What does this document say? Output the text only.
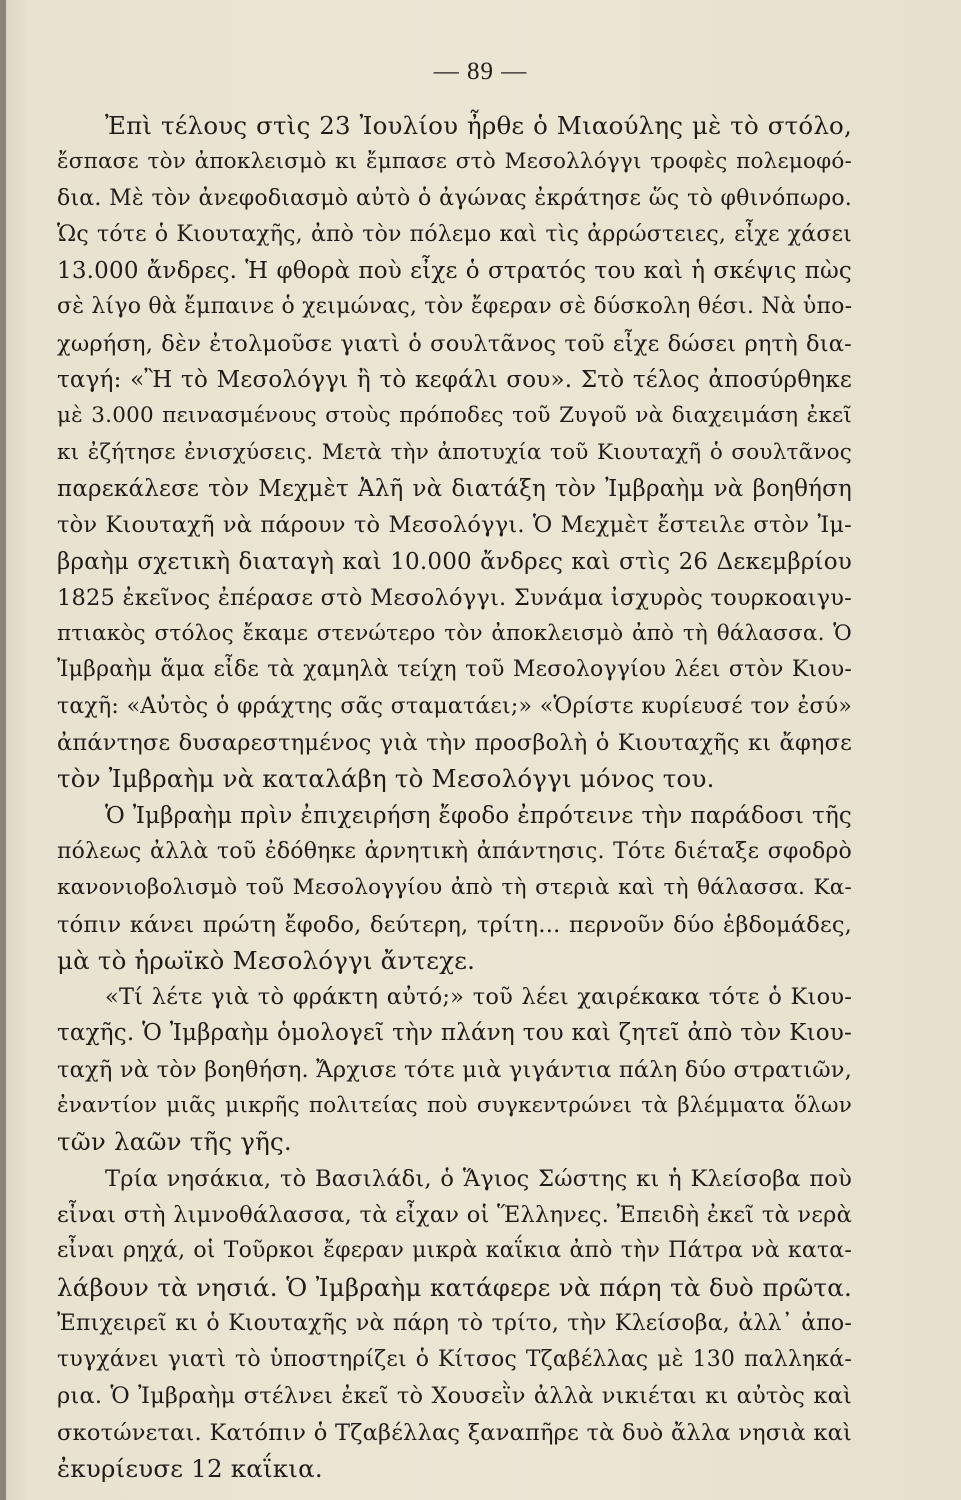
— 89 —
Ἐπὶ τέλους στὶς 23 Ἰουλίου ἦρθε ὁ Μιαούλης μὲ τὸ στόλο,
ἔσπασε τὸν ἀποκλεισμὸ κι ἔμπασε στὸ Μεσολλόγγι τροφὲς πολεμοφό-
δια. Μὲ τὸν ἀνεφοδιασμὸ αὐτὸ ὁ ἀγώνας ἐκράτησε ὥς τὸ φθινόπωρο.
Ὡς τότε ὁ Κιουταχῆς, ἀπὸ τὸν πόλεμο καὶ τὶς ἀρρώστειες, εἶχε χάσει
13.000 ἄνδρες. Ἡ φθορὰ ποὺ εἶχε ὁ στρατός του καὶ ἡ σκέψις πὼς
σὲ λίγο θὰ ἔμπαινε ὁ χειμώνας, τὸν ἔφεραν σὲ δύσκολη θέσι. Νὰ ὑπο-
χωρήση, δὲν ἐτολμοῦσε γιατὶ ὁ σουλτᾶνος τοῦ εἶχε δώσει ρητὴ δια-
ταγή: «Ἢ τὸ Μεσολόγγι ἢ τὸ κεφάλι σου». Στὸ τέλος ἀποσύρθηκε
μὲ 3.000 πεινασμένους στοὺς πρόποδες τοῦ Ζυγοῦ νὰ διαχειμάση ἐκεῖ
κι ἐζήτησε ἐνισχύσεις. Μετὰ τὴν ἀποτυχία τοῦ Κιουταχῆ ὁ σουλτᾶνος
παρεκάλεσε τὸν Μεχμὲτ Ἀλῆ νὰ διατάξη τὸν Ἰμβραὴμ νὰ βοηθήση
τὸν Κιουταχῆ νὰ πάρουν τὸ Μεσολόγγι. Ὁ Μεχμὲτ ἔστειλε στὸν Ἰμ-
βραὴμ σχετικὴ διαταγὴ καὶ 10.000 ἄνδρες καὶ στὶς 26 Δεκεμβρίου
1825 ἐκεῖνος ἐπέρασε στὸ Μεσολόγγι. Συνάμα ἰσχυρὸς τουρκοαιγυ-
πτιακὸς στόλος ἔκαμε στενώτερο τὸν ἀποκλεισμὸ ἀπὸ τὴ θάλασσα. Ὁ
Ἰμβραὴμ ἅμα εἶδε τὰ χαμηλὰ τείχη τοῦ Μεσολογγίου λέει στὸν Κιου-
ταχῆ: «Αὐτὸς ὁ φράχτης σᾶς σταματάει;» «Ὁρίστε κυρίευσέ τον ἐσύ»
ἀπάντησε δυσαρεστημένος γιὰ τὴν προσβολὴ ὁ Κιουταχῆς κι ἄφησε
τὸν Ἰμβραὴμ νὰ καταλάβη τὸ Μεσολόγγι μόνος του.
Ὁ Ἰμβραὴμ πρὶν ἐπιχειρήση ἔφοδο ἐπρότεινε τὴν παράδοσι τῆς
πόλεως ἀλλὰ τοῦ ἐδόθηκε ἀρνητικὴ ἀπάντησις. Τότε διέταξε σφοδρὸ
κανονιοβολισμὸ τοῦ Μεσολογγίου ἀπὸ τὴ στεριὰ καὶ τὴ θάλασσα. Κα-
τόπιν κάνει πρώτη ἔφοδο, δεύτερη, τρίτη... περνοῦν δύο ἑβδομάδες,
μὰ τὸ ἡρωϊκὸ Μεσολόγγι ἄντεχε.
«Τί λέτε γιὰ τὸ φράκτη αὐτό;» τοῦ λέει χαιρέκακα τότε ὁ Κιου-
ταχῆς. Ὁ Ἰμβραὴμ ὁμολογεῖ τὴν πλάνη του καὶ ζητεῖ ἀπὸ τὸν Κιου-
ταχῆ νὰ τὸν βοηθήση. Ἄρχισε τότε μιὰ γιγάντια πάλη δύο στρατιῶν,
ἐναντίον μιᾶς μικρῆς πολιτείας ποὺ συγκεντρώνει τὰ βλέμματα ὅλων
τῶν λαῶν τῆς γῆς.
Τρία νησάκια, τὸ Βασιλάδι, ὁ Ἅγιος Σώστης κι ἡ Κλείσοβα ποὺ
εἶναι στὴ λιμνοθάλασσα, τὰ εἶχαν οἱ Ἕλληνες. Ἐπειδὴ ἐκεῖ τὰ νερὰ
εἶναι ρηχά, οἱ Τοῦρκοι ἔφεραν μικρὰ καΐκια ἀπὸ τὴν Πάτρα νὰ κατα-
λάβουν τὰ νησιά. Ὁ Ἰμβραὴμ κατάφερε νὰ πάρη τὰ δυὸ πρῶτα.
Ἐπιχειρεῖ κι ὁ Κιουταχῆς νὰ πάρη τὸ τρίτο, τὴν Κλείσοβα, ἀλλ᾽ ἀπο-
τυγχάνει γιατὶ τὸ ὑποστηρίζει ὁ Κίτσος Τζαβέλλας μὲ 130 παλληκά-
ρια. Ὁ Ἰμβραὴμ στέλνει ἐκεῖ τὸ Χουσεῒν ἀλλὰ νικιέται κι αὐτὸς καὶ
σκοτώνεται. Κατόπιν ὁ Τζαβέλλας ξαναπῆρε τὰ δυὸ ἄλλα νησιὰ καὶ
ἐκυρίευσε 12 καΐκια.
